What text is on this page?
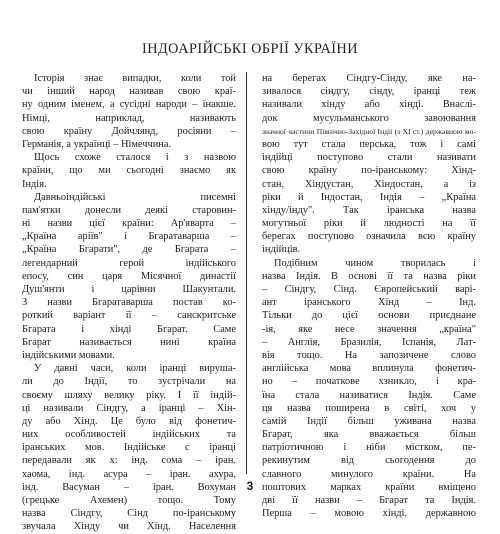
ІНДОАРІЙСЬКІ ОБРІЇ УКРАЇНИ
Історія знає випадки, коли той
чи інший народ називав свою краї-
ну одним іменем, а сусідні народи – інакше.
Німці, наприклад, називають
свою країну Дойчлянд, росіяни –
Германія, а українці – Німеччина.
Щось схоже сталося і з назвою
країни, що ми сьогодні знаємо як
Індія.
Давньоіндійські писемні
пам'ятки донесли деякі старовин-
ні назви цієї країни: Ар'яварта –
„Країна аріїв" і Бгаратаварша –
„Країна Бгарати", де Бгарата –
легендарний герой індійського
епосу, син царя Місячної династії
Душ'янти і царівни Шакунтали.
З назви Бгаратаварша постав ко-
роткий варіант її – санскритське
Бгарата і хінді Бгарат. Саме
Бгарат називається нині країна
індійськими мовами.
У давні часи, коли іранці вируша-
ли до Індії, то зустрічали на
своєму шляху велику ріку. І її індій-
ці називали Сіндгу, а іранці – Хін-
ду або Хінд. Це було від фонетич-
них особливостей індійських та
іранських мов. Індійське с іранці
передавали як х: інд. сома – іран.
хаома, інд. асура – іран. ахура,
інд. Васуман – іран. Вохуман
(грецьке Ахемен) тощо. Тому
назва Сіндгу, Сінд по-іранському
звучала Хінду чи Хінд. Населення
на берегах Сіндгу-Сінду, яке на-
зивалося сіндгу, сінду, іранці теж
називали хінду або хінді. Внаслі-
док мусульманського завоювання
значної частини Північно-Західної Індії (з XI ст.) державною мо-
вою тут стала перська, тож і самі
індійці поступово стали називати
свою країну по-іранському: Хінд-
стан, Хіндустан, Хіндостан, а із
ріки й Індостан, Індія – „Країна
хінду/інду". Так іранська назва
могутньої ріки й людності на її
берегах поступово означила всю країну
індійців.
Подібним чином творилась і
назва Індія. В основі її та назва ріки
– Сіндгу, Сінд. Європейський варі-
ант іранського Хінд – Інд.
Тільки до цієї основи приєднане
-ія, яке несе значення „країна"
– Англія, Бразилія, Іспанія, Лат-
вія тощо. На запозичене слово
англійська мова вплинула фонетич-
но – початкове хзникло, і кра-
їна стала називатися Індія. Саме
ця назва поширена в світі, хоч у
самій Індії більш уживана назва
Бгарат, яка вважається більш
патріотичною і ніби містком, пе-
рекинутим від сьогодення до
славного минулого країни. На
поштових марках країни вміщено
дві її назви – Бгарат та Індія.
Перша – мовою хінді, державною
3
